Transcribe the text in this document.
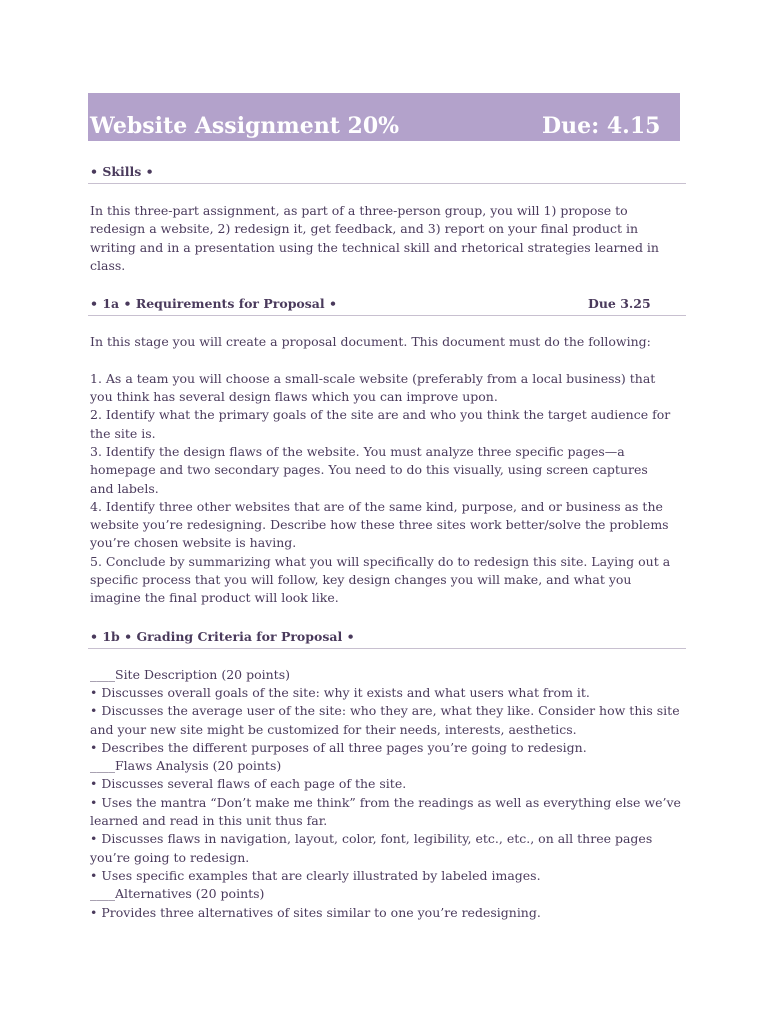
Website Assignment 20%	Due: 4.15
• Skills •
In this three-part assignment, as part of a three-person group, you will 1) propose to
redesign a website, 2) redesign it, get feedback, and 3) report on your final product in
writing and in a presentation using the technical skill and rhetorical strategies learned in
class.
• 1a • Requirements for Proposal •	Due 3.25
In this stage you will create a proposal document. This document must do the following:
1. As a team you will choose a small-scale website (preferably from a local business) that
you think has several design flaws which you can improve upon.
2. Identify what the primary goals of the site are and who you think the target audience for
the site is.
3. Identify the design flaws of the website. You must analyze three specific pages—a
homepage and two secondary pages. You need to do this visually, using screen captures
and labels.
4. Identify three other websites that are of the same kind, purpose, and or business as the
website you’re redesigning. Describe how these three sites work better/solve the problems
you’re chosen website is having.
5. Conclude by summarizing what you will specifically do to redesign this site. Laying out a
specific process that you will follow, key design changes you will make, and what you
imagine the final product will look like.
• 1b • Grading Criteria for Proposal •
____Site Description (20 points)
• Discusses overall goals of the site: why it exists and what users what from it.
• Discusses the average user of the site: who they are, what they like. Consider how this site
and your new site might be customized for their needs, interests, aesthetics.
• Describes the different purposes of all three pages you’re going to redesign.
____Flaws Analysis (20 points)
• Discusses several flaws of each page of the site.
• Uses the mantra “Don’t make me think” from the readings as well as everything else we’ve
learned and read in this unit thus far.
• Discusses flaws in navigation, layout, color, font, legibility, etc., etc., on all three pages
you’re going to redesign.
• Uses specific examples that are clearly illustrated by labeled images.
____Alternatives (20 points)
• Provides three alternatives of sites similar to one you’re redesigning.
